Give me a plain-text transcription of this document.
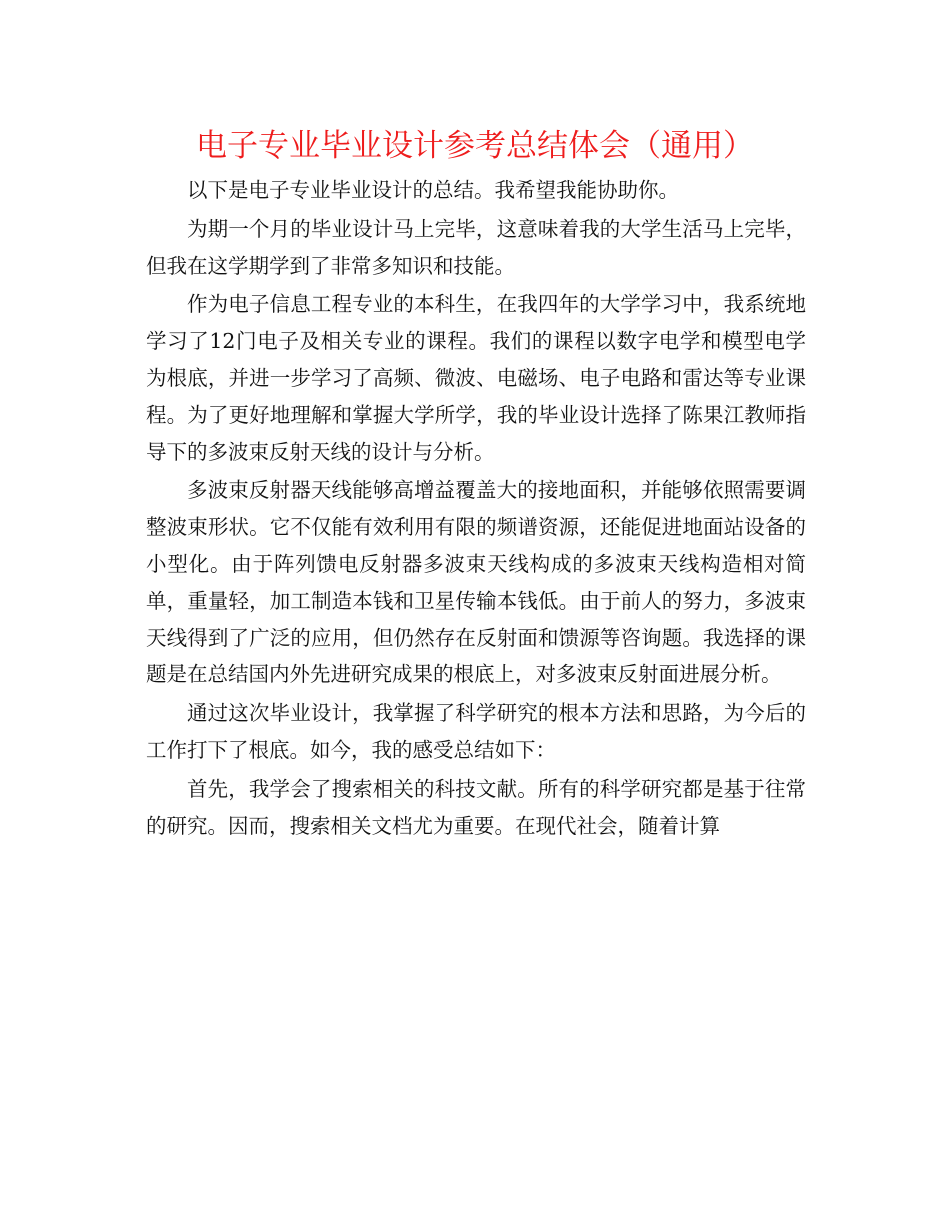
电子专业毕业设计参考总结体会（通用）

以下是电子专业毕业设计的总结。我希望我能协助你。

为期一个月的毕业设计马上完毕，这意味着我的大学生活马上完毕，但我在这学期学到了非常多知识和技能。

作为电子信息工程专业的本科生，在我四年的大学学习中，我系统地学习了12门电子及相关专业的课程。我们的课程以数字电学和模型电学为根底，并进一步学习了高频、微波、电磁场、电子电路和雷达等专业课程。为了更好地理解和掌握大学所学，我的毕业设计选择了陈果江教师指导下的多波束反射天线的设计与分析。

多波束反射器天线能够高增益覆盖大的接地面积，并能够依照需要调整波束形状。它不仅能有效利用有限的频谱资源，还能促进地面站设备的小型化。由于阵列馈电反射器多波束天线构成的多波束天线构造相对简单，重量轻，加工制造本钱和卫星传输本钱低。由于前人的努力，多波束天线得到了广泛的应用，但仍然存在反射面和馈源等咨询题。我选择的课题是在总结国内外先进研究成果的根底上，对多波束反射面进展分析。

通过这次毕业设计，我掌握了科学研究的根本方法和思路，为今后的工作打下了根底。如今，我的感受总结如下：

首先，我学会了搜索相关的科技文献。所有的科学研究都是基于往常的研究。因而，搜索相关文档尤为重要。在现代社会，随着计算
